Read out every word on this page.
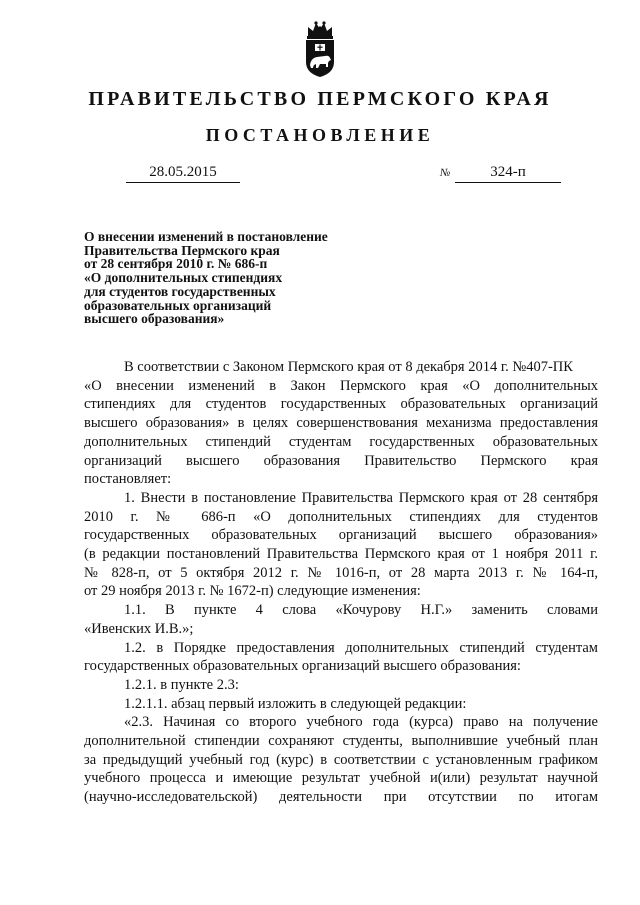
ПРАВИТЕЛЬСТВО ПЕРМСКОГО КРАЯ
ПОСТАНОВЛЕНИЕ
28.05.2015	№	324-п
О внесении изменений в постановление
Правительства Пермского края
от 28 сентября 2010 г. № 686-п
«О дополнительных стипендиях
для студентов государственных
образовательных организаций
высшего образования»
В соответствии с Законом Пермского края от 8 декабря 2014 г. №407-ПК
«О внесении изменений в Закон Пермского края «О дополнительных
стипендиях для студентов государственных образовательных организаций
высшего образования» в целях совершенствования механизма предоставления
дополнительных стипендий студентам государственных образовательных
организаций высшего образования Правительство Пермского края
постановляет:
1. Внести в постановление Правительства Пермского края от 28 сентября
2010 г. № 686-п «О дополнительных стипендиях для студентов
государственных образовательных организаций высшего образования»
(в редакции постановлений Правительства Пермского края от 1 ноября 2011 г.
№ 828-п, от 5 октября 2012 г. № 1016-п, от 28 марта 2013 г. № 164-п,
от 29 ноября 2013 г. № 1672-п) следующие изменения:
1.1. В пункте 4 слова «Кочурову Н.Г.» заменить словами
«Ивенских И.В.»;
1.2. в Порядке предоставления дополнительных стипендий студентам
государственных образовательных организаций высшего образования:
1.2.1. в пункте 2.3:
1.2.1.1. абзац первый изложить в следующей редакции:
«2.3. Начиная со второго учебного года (курса) право на получение
дополнительной стипендии сохраняют студенты, выполнившие учебный план
за предыдущий учебный год (курс) в соответствии с установленным графиком
учебного процесса и имеющие результат учебной и(или) результат научной
(научно-исследовательской) деятельности при отсутствии по итогам
